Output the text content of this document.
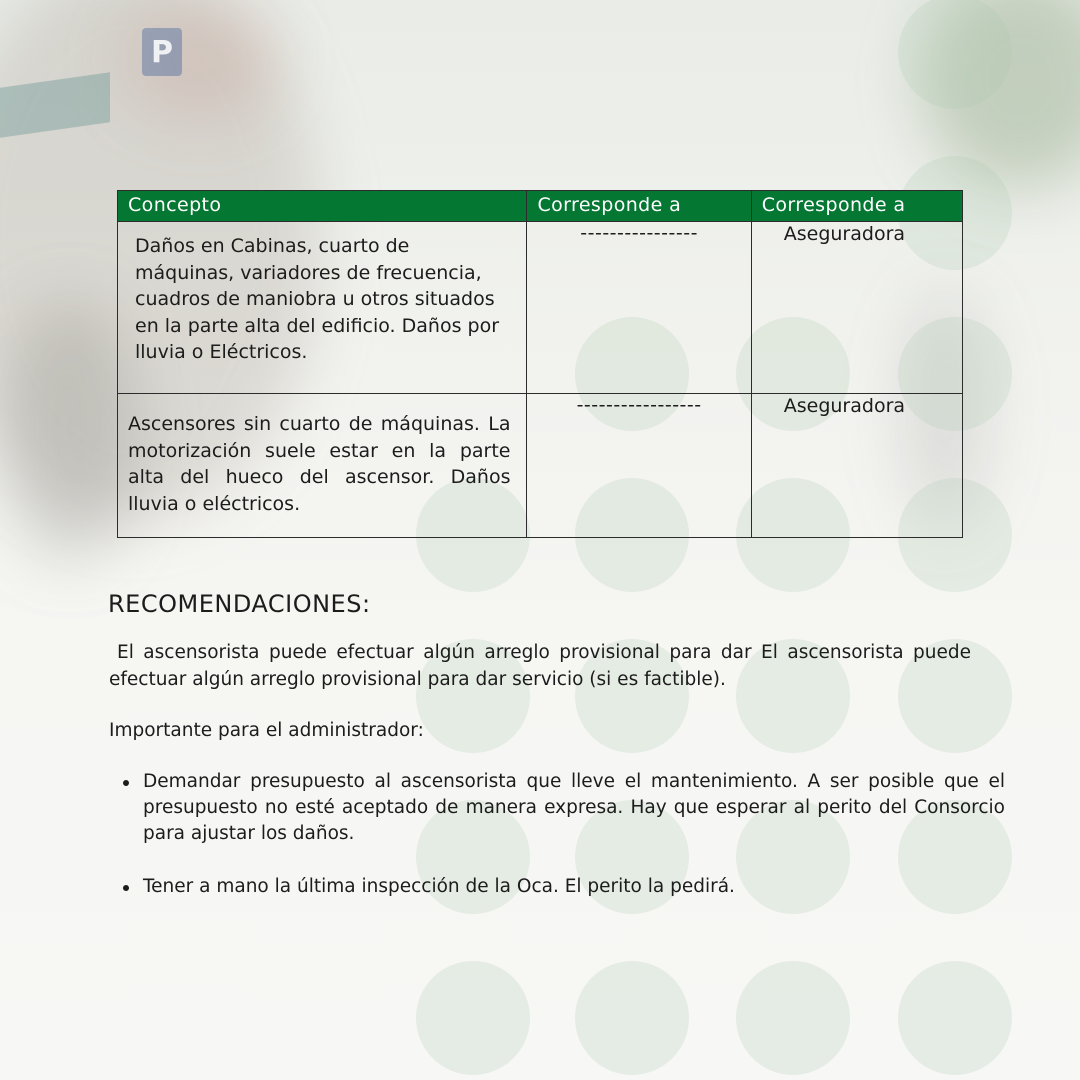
P
Concepto	Corresponde a	Corresponde a
Daños en Cabinas, cuarto de máquinas, variadores de frecuencia, cuadros de maniobra u otros situados en la parte alta del edificio. Daños por lluvia o Eléctricos.	----------------	Aseguradora

Ascensores sin cuarto de máquinas. La motorización suele estar en la parte alta del hueco del ascensor. Daños lluvia o eléctricos.	-----------------	Aseguradora
RECOMENDACIONES:

El ascensorista puede efectuar algún arreglo provisional para dar El ascensorista puede efectuar algún arreglo provisional para dar servicio (si es factible).

Importante para el administrador:

Demandar presupuesto al ascensorista que lleve el mantenimiento. A ser posible que el presupuesto no esté aceptado de manera expresa. Hay que esperar al perito del Consorcio para ajustar los daños.
Tener a mano la última inspección de la Oca. El perito la pedirá.
